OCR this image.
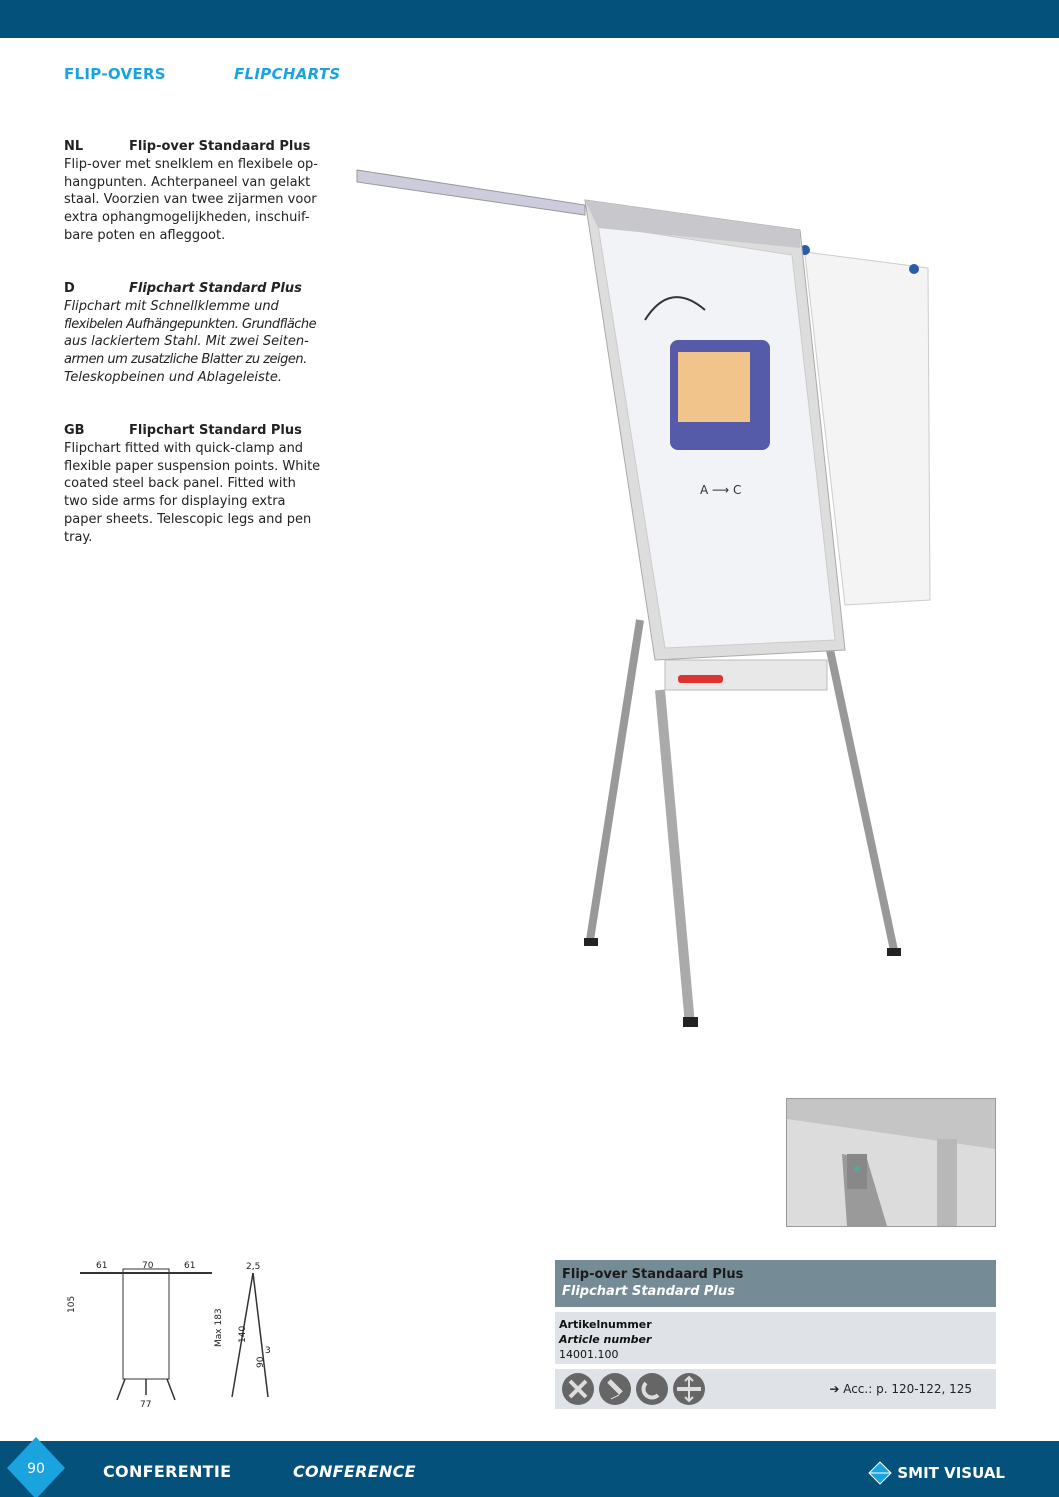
FLIP-OVERS	FLIPCHARTS
NL	Flip-over Standaard Plus
Flip-over met snelklem en flexibele op-
hangpunten. Achterpaneel van gelakt
staal. Voorzien van twee zijarmen voor
extra ophangmogelijkheden, inschuif-
bare poten en afleggoot.
D	Flipchart Standard Plus
Flipchart mit Schnellklemme und
flexibelen Aufhängepunkten. Grundfläche
aus lackiertem Stahl. Mit zwei Seiten-
armen um zusatzliche Blatter zu zeigen.
Teleskopbeinen und Ablageleiste.
GB	Flipchart Standard Plus
Flipchart fitted with quick-clamp and
flexible paper suspension points. White
coated steel back panel. Fitted with
two side arms for displaying extra
paper sheets. Telescopic legs and pen
tray.
A ⟶ C
61	70	61
105
Max 183
77
2,5
140
90
3
Flip-over Standaard Plus
Flipchart Standard Plus
Artikelnummer
Article number
14001.100
➔ Acc.: p. 120-122, 125
90	CONFERENTIE	CONFERENCE	SMIT VISUAL
